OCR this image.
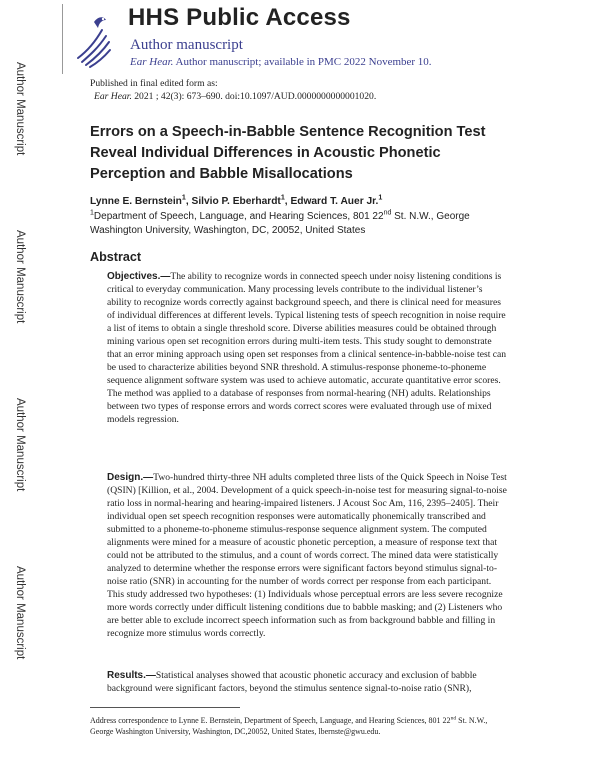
Author Manuscript
Author Manuscript
Author Manuscript
Author Manuscript
HHS Public Access
Author manuscript
Ear Hear. Author manuscript; available in PMC 2022 November 10.
Published in final edited form as:
Ear Hear. 2021 ; 42(3): 673–690. doi:10.1097/AUD.0000000000001020.
Errors on a Speech-in-Babble Sentence Recognition Test Reveal Individual Differences in Acoustic Phonetic Perception and Babble Misallocations
Lynne E. Bernstein$^1$, Silvio P. Eberhardt$^1$, Edward T. Auer Jr.$^1$
$^1$Department of Speech, Language, and Hearing Sciences, 801 22nd St. N.W., George Washington University, Washington, DC, 20052, United States
Abstract
Objectives.—The ability to recognize words in connected speech under noisy listening conditions is critical to everyday communication. Many processing levels contribute to the individual listener’s ability to recognize words correctly against background speech, and there is clinical need for measures of individual differences at different levels. Typical listening tests of speech recognition in noise require a list of items to obtain a single threshold score. Diverse abilities measures could be obtained through mining various open set recognition errors during multi-item tests. This study sought to demonstrate that an error mining approach using open set responses from a clinical sentence-in-babble-noise test can be used to characterize abilities beyond SNR threshold. A stimulus-response phoneme-to-phoneme sequence alignment software system was used to achieve automatic, accurate quantitative error scores. The method was applied to a database of responses from normal-hearing (NH) adults. Relationships between two types of response errors and words correct scores were evaluated through use of mixed models regression.
Design.—Two-hundred thirty-three NH adults completed three lists of the Quick Speech in Noise Test (QSIN) [Killion, et al., 2004. Development of a quick speech-in-noise test for measuring signal-to-noise ratio loss in normal-hearing and hearing-impaired listeners. J Acoust Soc Am, 116, 2395–2405]. Their individual open set speech recognition responses were automatically phonemically transcribed and submitted to a phoneme-to-phoneme stimulus-response sequence alignment system. The computed alignments were mined for a measure of acoustic phonetic perception, a measure of response text that could not be attributed to the stimulus, and a count of words correct. The mined data were statistically analyzed to determine whether the response errors were significant factors beyond stimulus signal-to-noise ratio (SNR) in accounting for the number of words correct per response from each participant. This study addressed two hypotheses: (1) Individuals whose perceptual errors are less severe recognize more words correctly under difficult listening conditions due to babble masking; and (2) Listeners who are better able to exclude incorrect speech information such as from background babble and filling in recognize more stimulus words correctly.
Results.—Statistical analyses showed that acoustic phonetic accuracy and exclusion of babble background were significant factors, beyond the stimulus sentence signal-to-noise ratio (SNR),
Address correspondence to Lynne E. Bernstein, Department of Speech, Language, and Hearing Sciences, 801 22nd St. N.W., George Washington University, Washington, DC,20052, United States, lbernste@gwu.edu.
